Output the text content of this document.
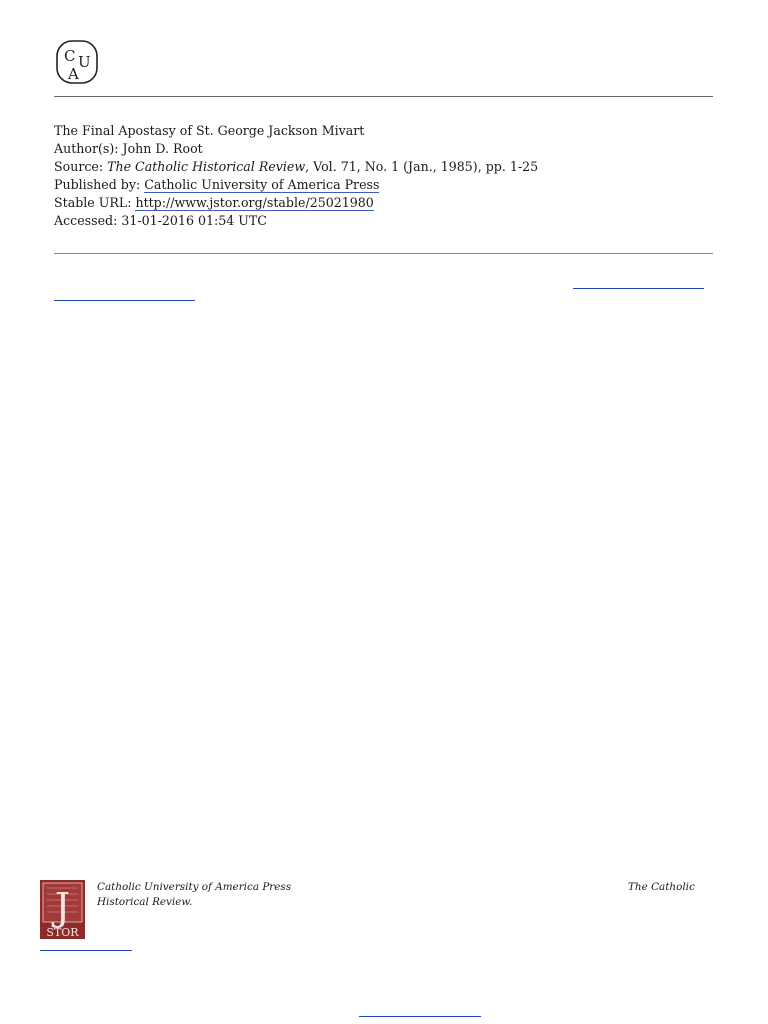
C U
A
The Final Apostasy of St. George Jackson Mivart
Author(s): John D. Root
Source: The Catholic Historical Review, Vol. 71, No. 1 (Jan., 1985), pp. 1-25
Published by: Catholic University of America Press
Stable URL: http://www.jstor.org/stable/25021980
Accessed: 31-01-2016 01:54 UTC
J
STOR
Catholic University of America Press
Historical Review.
The Catholic
